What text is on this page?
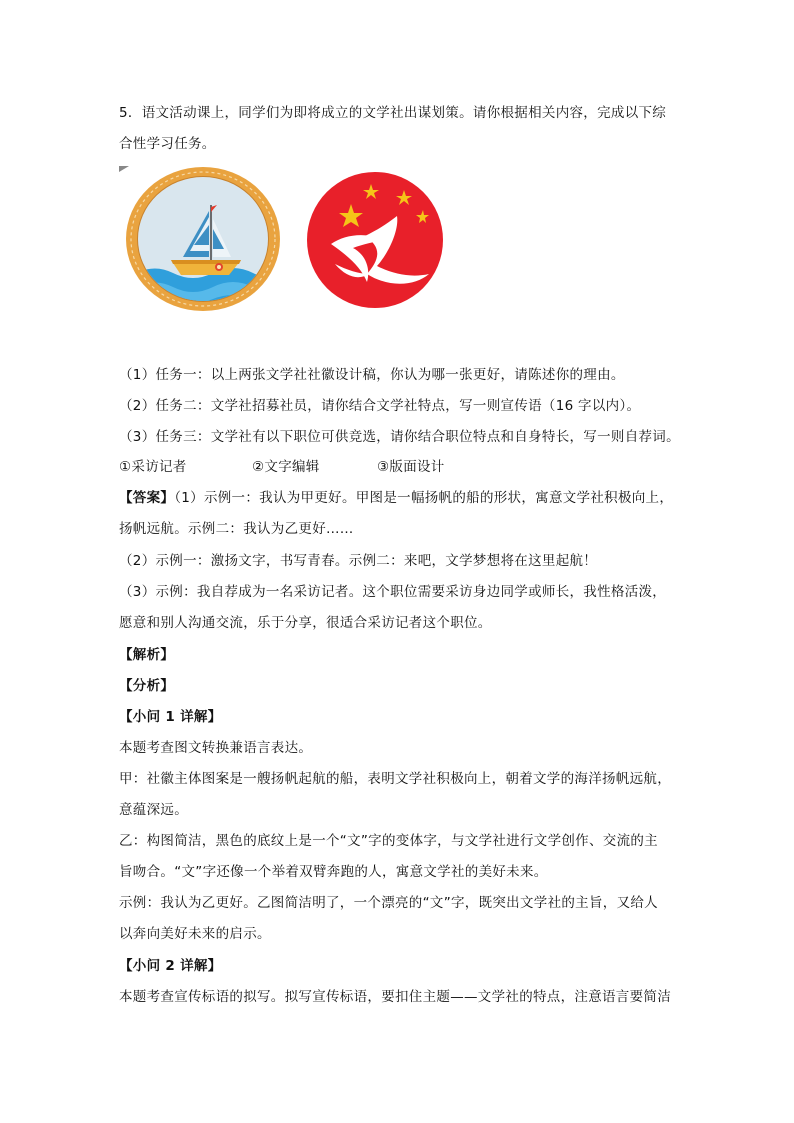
5．语文活动课上，同学们为即将成立的文学社出谋划策。请你根据相关内容，完成以下综
合性学习任务。
（1）任务一：以上两张文学社社徽设计稿，你认为哪一张更好，请陈述你的理由。
（2）任务二：文学社招募社员，请你结合文学社特点，写一则宣传语（16 字以内）。
（3）任务三：文学社有以下职位可供竞选，请你结合职位特点和自身特长，写一则自荐词。
①采访记者	②文字编辑	③版面设计
【答案】（1）示例一：我认为甲更好。甲图是一幅扬帆的船的形状，寓意文学社积极向上，
扬帆远航。示例二：我认为乙更好……
（2）示例一：激扬文字，书写青春。示例二：来吧，文学梦想将在这里起航！
（3）示例：我自荐成为一名采访记者。这个职位需要采访身边同学或师长，我性格活泼，
愿意和别人沟通交流，乐于分享，很适合采访记者这个职位。
【解析】
【分析】
【小问 1 详解】
本题考查图文转换兼语言表达。
甲：社徽主体图案是一艘扬帆起航的船，表明文学社积极向上，朝着文学的海洋扬帆远航，
意蕴深远。
乙：构图简洁，黑色的底纹上是一个“文”字的变体字，与文学社进行文学创作、交流的主
旨吻合。“文”字还像一个举着双臂奔跑的人，寓意文学社的美好未来。
示例：我认为乙更好。乙图简洁明了，一个漂亮的“文”字，既突出文学社的主旨，又给人
以奔向美好未来的启示。
【小问 2 详解】
本题考查宣传标语的拟写。拟写宣传标语，要扣住主题——文学社的特点，注意语言要简洁
